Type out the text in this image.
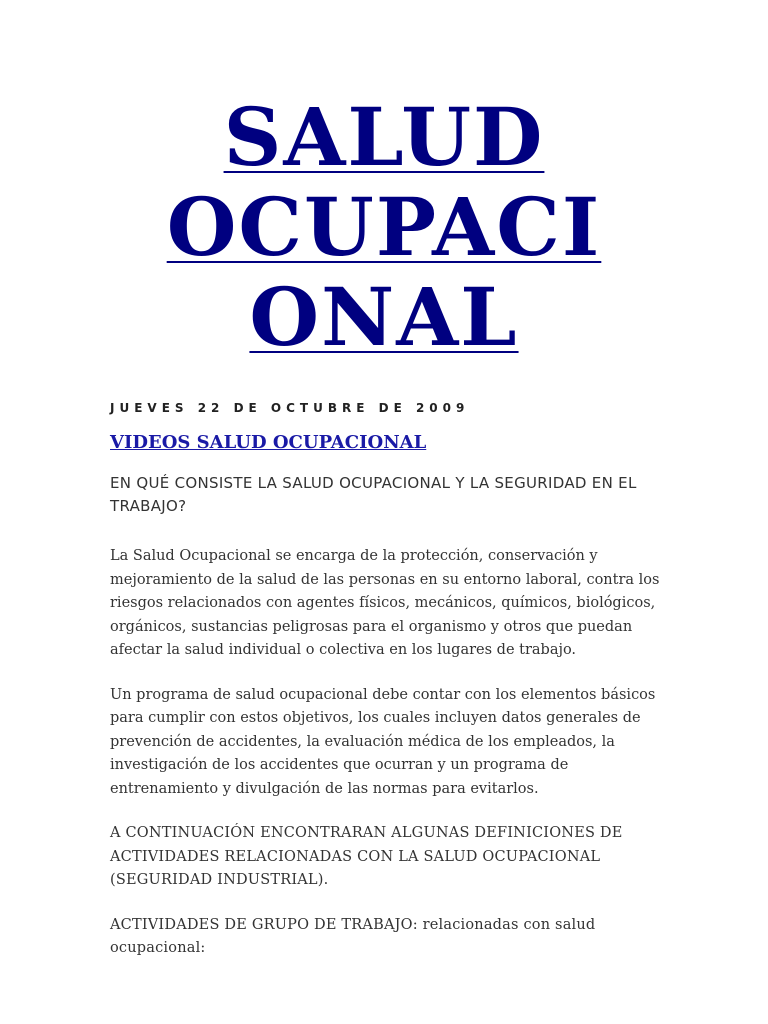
SALUD
OCUPACI
ONAL
JUEVES 22 DE OCTUBRE DE 2009
VIDEOS SALUD OCUPACIONAL

EN QUÉ CONSISTE LA SALUD OCUPACIONAL Y LA SEGURIDAD EN EL TRABAJO?

La Salud Ocupacional se encarga de la protección, conservación y mejoramiento de la salud de las personas en su entorno laboral, contra los riesgos relacionados con agentes físicos, mecánicos, químicos, biológicos, orgánicos, sustancias peligrosas para el organismo y otros que puedan afectar la salud individual o colectiva en los lugares de trabajo.

Un programa de salud ocupacional debe contar con los elementos básicos para cumplir con estos objetivos, los cuales incluyen datos generales de prevención de accidentes, la evaluación médica de los empleados, la investigación de los accidentes que ocurran y un programa de entrenamiento y divulgación de las normas para evitarlos.

A CONTINUACIÓN ENCONTRARAN ALGUNAS DEFINICIONES DE ACTIVIDADES RELACIONADAS CON LA SALUD OCUPACIONAL (SEGURIDAD INDUSTRIAL).

ACTIVIDADES DE GRUPO DE TRABAJO: relacionadas con salud ocupacional:
